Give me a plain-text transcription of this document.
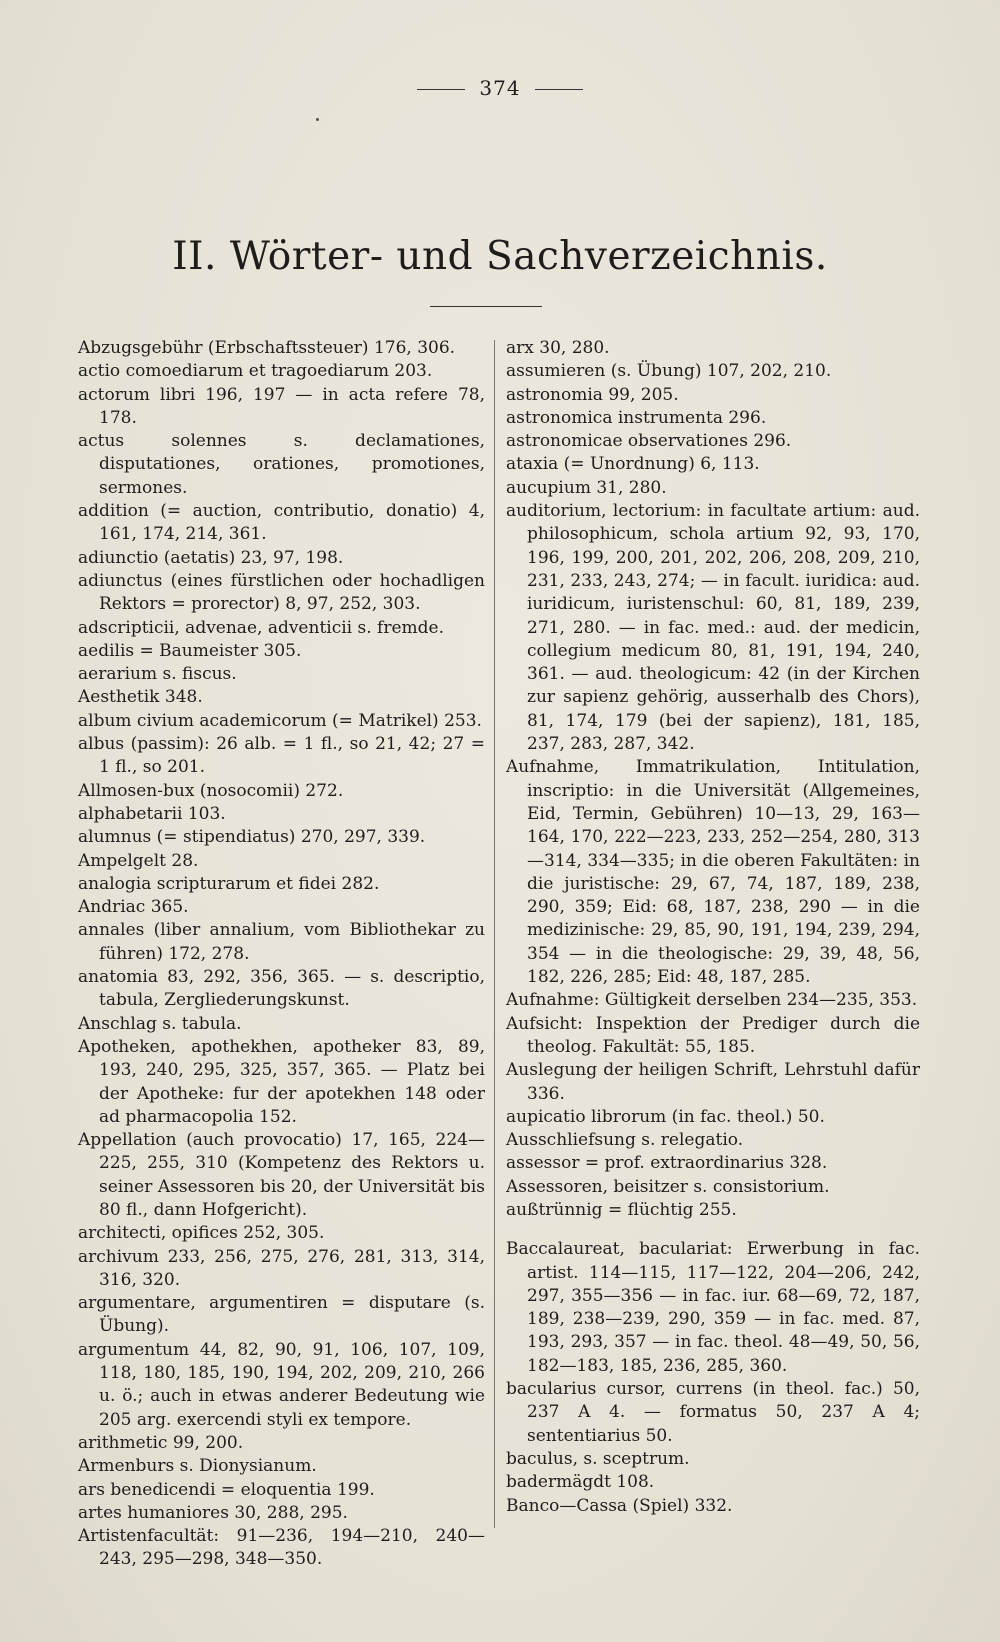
374
II. Wörter- und Sachverzeichnis.

Abzugsgebühr (Erbschaftssteuer) 176, 306.

actio comoediarum et tragoediarum 203.

actorum libri 196, 197 — in acta refere 78, 178.

actus solennes s. declamationes, disputationes, orationes, promotiones, sermones.

addition (= auction, contributio, donatio) 4, 161, 174, 214, 361.

adiunctio (aetatis) 23, 97, 198.

adiunctus (eines fürstlichen oder hochadligen Rektors = prorector) 8, 97, 252, 303.

adscripticii, advenae, adventicii s. fremde.

aedilis = Baumeister 305.

aerarium s. fiscus.

Aesthetik 348.

album civium academicorum (= Matrikel) 253.

albus (passim): 26 alb. = 1 fl., so 21, 42; 27 = 1 fl., so 201.

Allmosen-bux (nosocomii) 272.

alphabetarii 103.

alumnus (= stipendiatus) 270, 297, 339.

Ampelgelt 28.

analogia scripturarum et fidei 282.

Andriac 365.

annales (liber annalium, vom Bibliothekar zu führen) 172, 278.

anatomia 83, 292, 356, 365. — s. descriptio, tabula, Zergliederungskunst.

Anschlag s. tabula.

Apotheken, apothekhen, apotheker 83, 89, 193, 240, 295, 325, 357, 365. — Platz bei der Apotheke: fur der apotekhen 148 oder ad pharmacopolia 152.

Appellation (auch provocatio) 17, 165, 224—225, 255, 310 (Kompetenz des Rektors u. seiner Assessoren bis 20, der Universität bis 80 fl., dann Hofgericht).

architecti, opifices 252, 305.

archivum 233, 256, 275, 276, 281, 313, 314, 316, 320.

argumentare, argumentiren = disputare (s. Übung).

argumentum 44, 82, 90, 91, 106, 107, 109, 118, 180, 185, 190, 194, 202, 209, 210, 266 u. ö.; auch in etwas anderer Bedeutung wie 205 arg. exercendi styli ex tempore.

arithmetic 99, 200.

Armenburs s. Dionysianum.

ars benedicendi = eloquentia 199.

artes humaniores 30, 288, 295.

Artistenfacultät: 91—236, 194—210, 240—243, 295—298, 348—350.

arx 30, 280.

assumieren (s. Übung) 107, 202, 210.

astronomia 99, 205.

astronomica instrumenta 296.

astronomicae observationes 296.

ataxia (= Unordnung) 6, 113.

aucupium 31, 280.

auditorium, lectorium: in facultate artium: aud. philosophicum, schola artium 92, 93, 170, 196, 199, 200, 201, 202, 206, 208, 209, 210, 231, 233, 243, 274; — in facult. iuridica: aud. iuridicum, iuristenschul: 60, 81, 189, 239, 271, 280. — in fac. med.: aud. der medicin, collegium medicum 80, 81, 191, 194, 240, 361. — aud. theologicum: 42 (in der Kirchen zur sapienz gehörig, ausserhalb des Chors), 81, 174, 179 (bei der sapienz), 181, 185, 237, 283, 287, 342.

Aufnahme, Immatrikulation, Intitulation, inscriptio: in die Universität (Allgemeines, Eid, Termin, Gebühren) 10—13, 29, 163—164, 170, 222—223, 233, 252—254, 280, 313—314, 334—335; in die oberen Fakultäten: in die juristische: 29, 67, 74, 187, 189, 238, 290, 359; Eid: 68, 187, 238, 290 — in die medizinische: 29, 85, 90, 191, 194, 239, 294, 354 — in die theologische: 29, 39, 48, 56, 182, 226, 285; Eid: 48, 187, 285.

Aufnahme: Gültigkeit derselben 234—235, 353.

Aufsicht: Inspektion der Prediger durch die theolog. Fakultät: 55, 185.

Auslegung der heiligen Schrift, Lehrstuhl dafür 336.

aupicatio librorum (in fac. theol.) 50.

Ausschliefsung s. relegatio.

assessor = prof. extraordinarius 328.

Assessoren, beisitzer s. consistorium.

außtrünnig = flüchtig 255.

Baccalaureat, baculariat: Erwerbung in fac. artist. 114—115, 117—122, 204—206, 242, 297, 355—356 — in fac. iur. 68—69, 72, 187, 189, 238—239, 290, 359 — in fac. med. 87, 193, 293, 357 — in fac. theol. 48—49, 50, 56, 182—183, 185, 236, 285, 360.

bacularius cursor, currens (in theol. fac.) 50, 237 A 4. — formatus 50, 237 A 4; sententiarius 50.

baculus, s. sceptrum.

badermägdt 108.

Banco—Cassa (Spiel) 332.
